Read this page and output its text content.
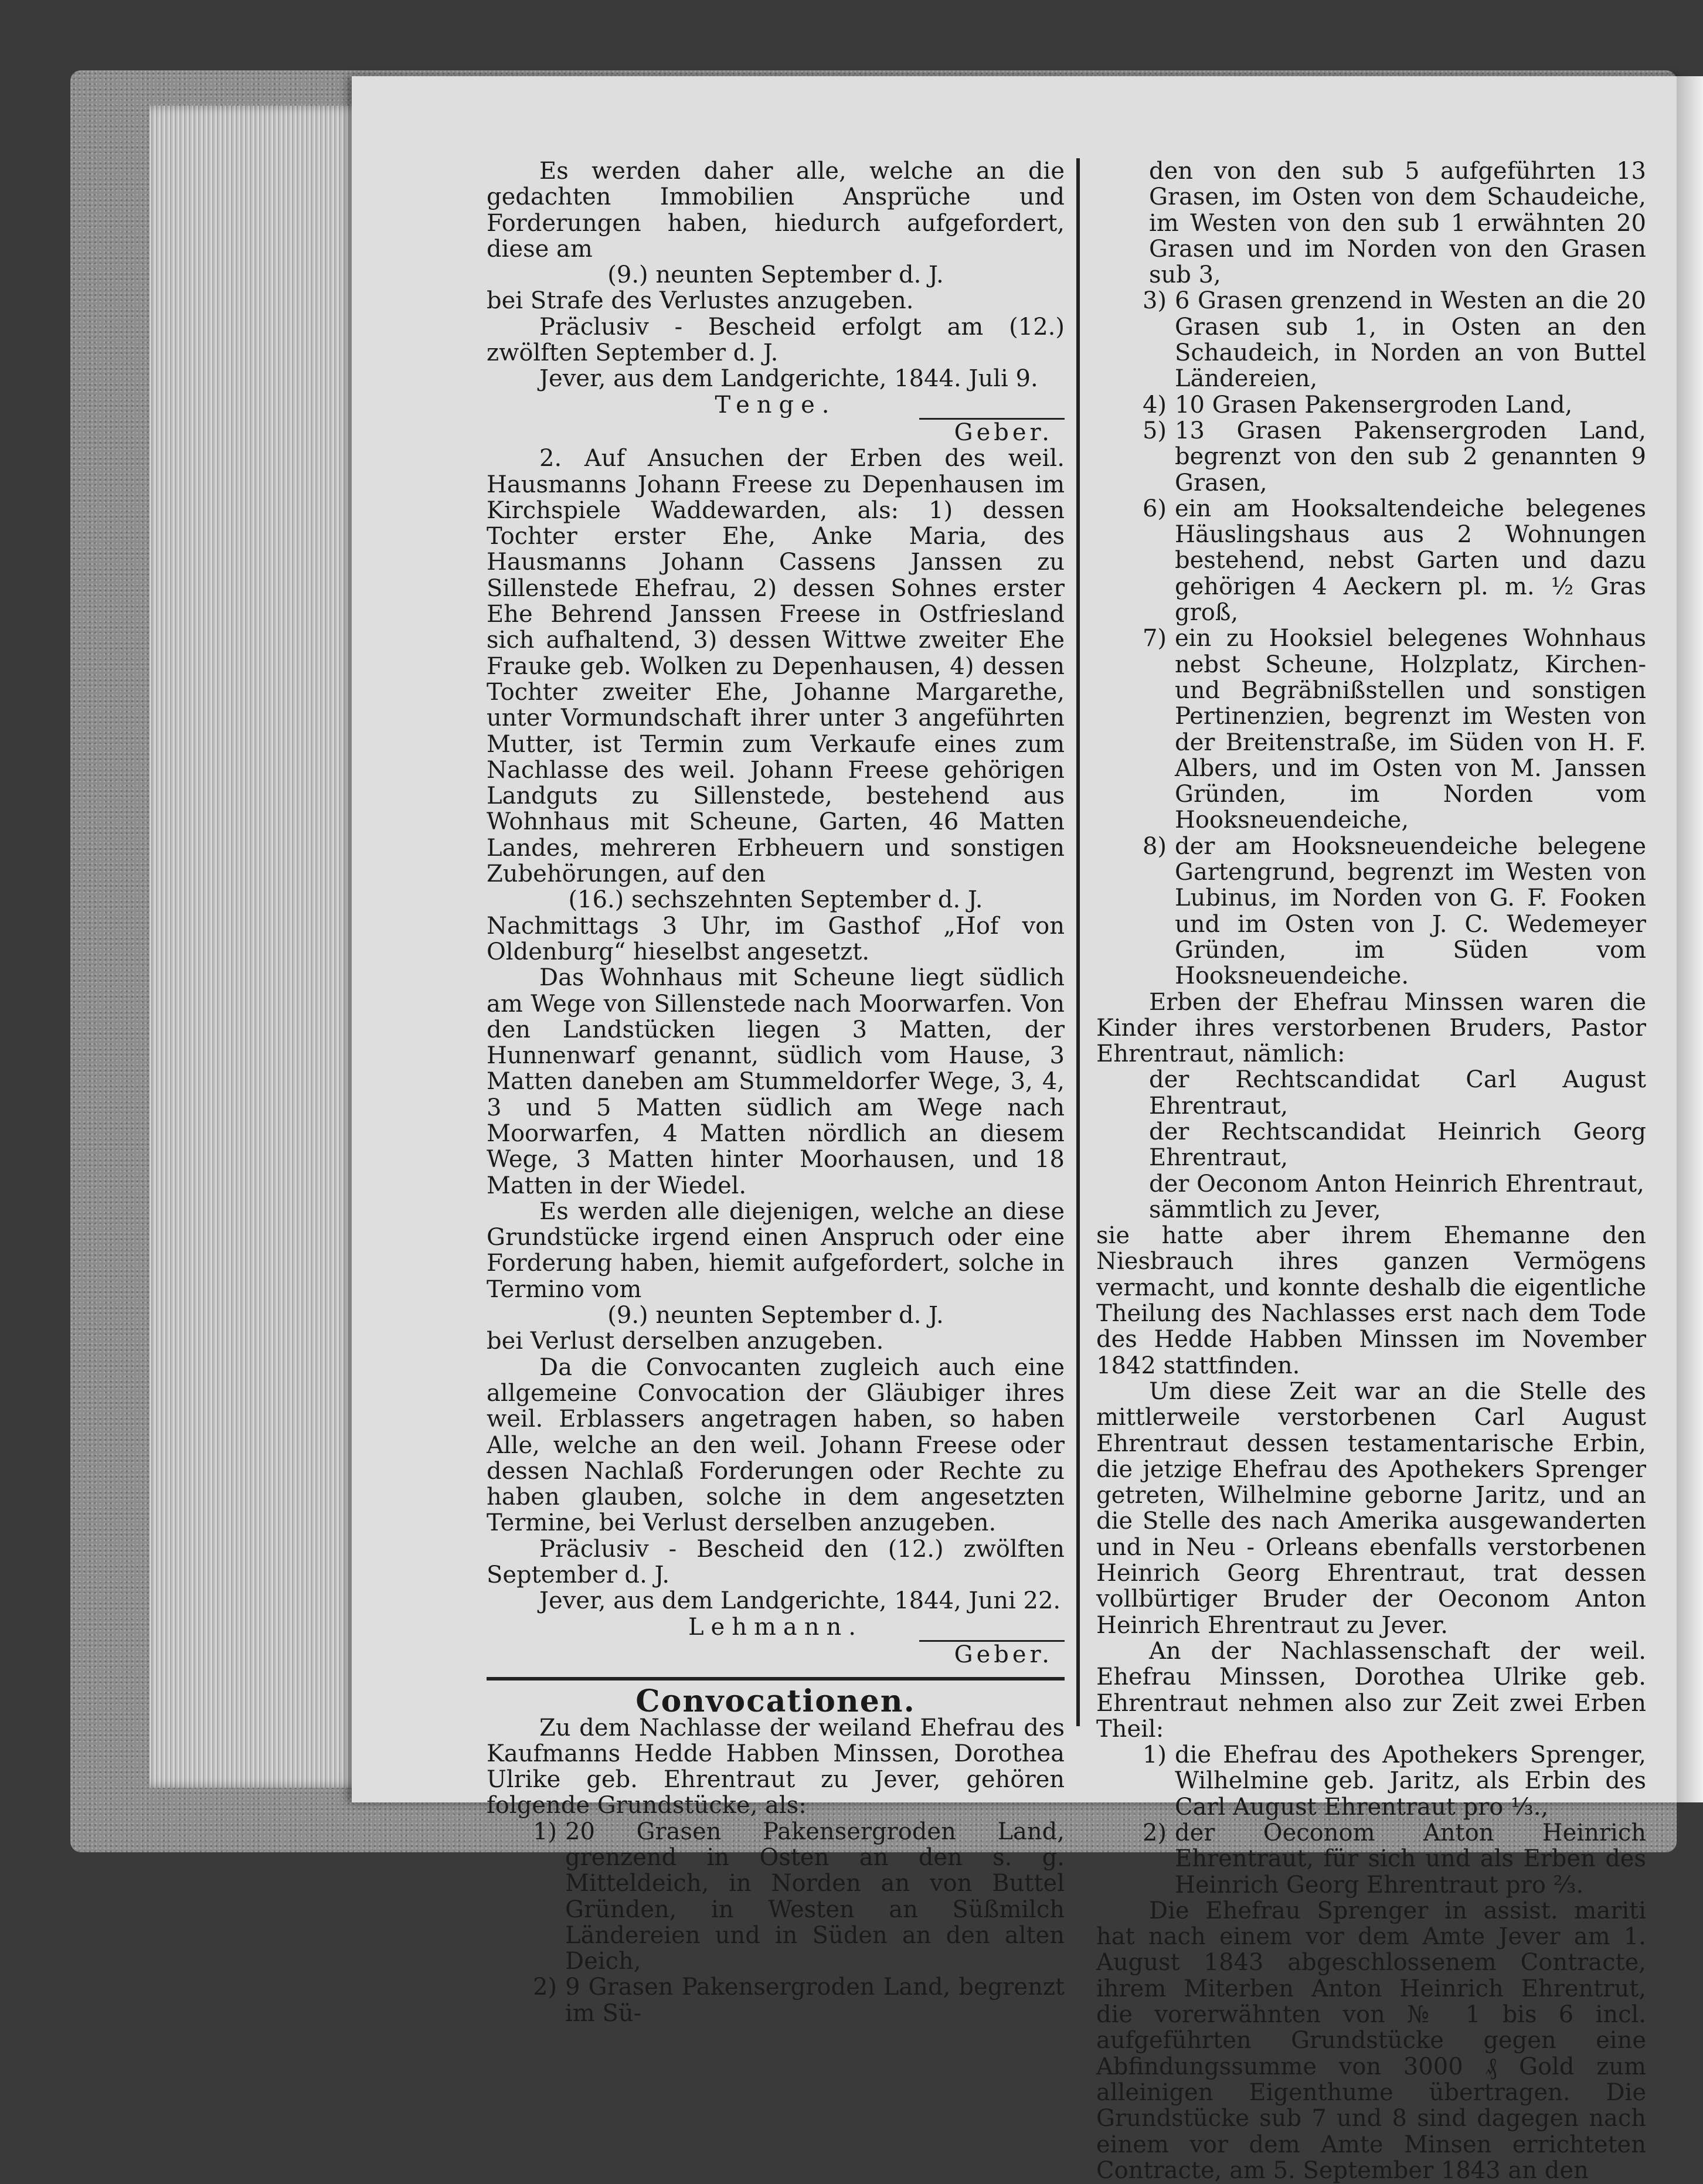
Es werden daher alle, welche an die gedachten Immobilien Ansprüche und Forderungen haben, hiedurch aufgefordert, diese am

(9.) neunten September d. J.

bei Strafe des Verlustes anzugeben.

Präclusiv - Bescheid erfolgt am (12.) zwölften September d. J.

Jever, aus dem Landgerichte, 1844. Juli 9.

Tenge.

Geber.

2. Auf Ansuchen der Erben des weil. Hausmanns Johann Freese zu Depenhausen im Kirchspiele Waddewarden, als: 1) dessen Tochter erster Ehe, Anke Maria, des Hausmanns Johann Cassens Janssen zu Sillenstede Ehefrau, 2) dessen Sohnes erster Ehe Behrend Janssen Freese in Ostfriesland sich aufhaltend, 3) dessen Wittwe zweiter Ehe Frauke geb. Wolken zu Depenhausen, 4) dessen Tochter zweiter Ehe, Johanne Margarethe, unter Vormundschaft ihrer unter 3 angeführten Mutter, ist Termin zum Verkaufe eines zum Nachlasse des weil. Johann Freese gehörigen Landguts zu Sillenstede, bestehend aus Wohnhaus mit Scheune, Garten, 46 Matten Landes, mehreren Erbheuern und sonstigen Zubehörungen, auf den

(16.) sechszehnten September d. J.

Nachmittags 3 Uhr, im Gasthof „Hof von Oldenburg“ hieselbst angesetzt.

Das Wohnhaus mit Scheune liegt südlich am Wege von Sillenstede nach Moorwarfen. Von den Landstücken liegen 3 Matten, der Hunnenwarf genannt, südlich vom Hause, 3 Matten daneben am Stummeldorfer Wege, 3, 4, 3 und 5 Matten südlich am Wege nach Moorwarfen, 4 Matten nördlich an diesem Wege, 3 Matten hinter Moorhausen, und 18 Matten in der Wiedel.

Es werden alle diejenigen, welche an diese Grundstücke irgend einen Anspruch oder eine Forderung haben, hiemit aufgefordert, solche in Termino vom

(9.) neunten September d. J.

bei Verlust derselben anzugeben.

Da die Convocanten zugleich auch eine allgemeine Convocation der Gläubiger ihres weil. Erblassers angetragen haben, so haben Alle, welche an den weil. Johann Freese oder dessen Nachlaß Forderungen oder Rechte zu haben glauben, solche in dem angesetzten Termine, bei Verlust derselben anzugeben.

Präclusiv - Bescheid den (12.) zwölften September d. J.

Jever, aus dem Landgerichte, 1844, Juni 22.

Lehmann.

Geber.

Convocationen.

Zu dem Nachlasse der weiland Ehefrau des Kaufmanns Hedde Habben Minssen, Dorothea Ulrike geb. Ehrentraut zu Jever, gehören folgende Grundstücke, als:

1) 20 Grasen Pakensergroden Land, grenzend in Osten an den s. g. Mitteldeich, in Norden an von Buttel Gründen, in Westen an Süßmilch Ländereien und in Süden an den alten Deich,
2) 9 Grasen Pakensergroden Land, begrenzt im Sü-

den von den sub 5 aufgeführten 13 Grasen, im Osten von dem Schaudeiche, im Westen von den sub 1 erwähnten 20 Grasen und im Norden von den Grasen sub 3,

3) 6 Grasen grenzend in Westen an die 20 Grasen sub 1, in Osten an den Schaudeich, in Norden an von Buttel Ländereien,
4) 10 Grasen Pakensergroden Land,
5) 13 Grasen Pakensergroden Land, begrenzt von den sub 2 genannten 9 Grasen,
6) ein am Hooksaltendeiche belegenes Häuslingshaus aus 2 Wohnungen bestehend, nebst Garten und dazu gehörigen 4 Aeckern pl. m. ½ Gras groß,
7) ein zu Hooksiel belegenes Wohnhaus nebst Scheune, Holzplatz, Kirchen- und Begräbnißstellen und sonstigen Pertinenzien, begrenzt im Westen von der Breitenstraße, im Süden von H. F. Albers, und im Osten von M. Janssen Gründen, im Norden vom Hooksneuendeiche,
8) der am Hooksneuendeiche belegene Gartengrund, begrenzt im Westen von Lubinus, im Norden von G. F. Fooken und im Osten von J. C. Wedemeyer Gründen, im Süden vom Hooksneuendeiche.

Erben der Ehefrau Minssen waren die Kinder ihres verstorbenen Bruders, Pastor Ehrentraut, nämlich:

der Rechtscandidat Carl August Ehrentraut,

der Rechtscandidat Heinrich Georg Ehrentraut,

der Oeconom Anton Heinrich Ehrentraut,

sämmtlich zu Jever,

sie hatte aber ihrem Ehemanne den Niesbrauch ihres ganzen Vermögens vermacht, und konnte deshalb die eigentliche Theilung des Nachlasses erst nach dem Tode des Hedde Habben Minssen im November 1842 stattfinden.

Um diese Zeit war an die Stelle des mittlerweile verstorbenen Carl August Ehrentraut dessen testamentarische Erbin, die jetzige Ehefrau des Apothekers Sprenger getreten, Wilhelmine geborne Jaritz, und an die Stelle des nach Amerika ausgewanderten und in Neu - Orleans ebenfalls verstorbenen Heinrich Georg Ehrentraut, trat dessen vollbürtiger Bruder der Oeconom Anton Heinrich Ehrentraut zu Jever.

An der Nachlassenschaft der weil. Ehefrau Minssen, Dorothea Ulrike geb. Ehrentraut nehmen also zur Zeit zwei Erben Theil:

1) die Ehefrau des Apothekers Sprenger, Wilhelmine geb. Jaritz, als Erbin des Carl August Ehrentraut pro ⅓.,
2) der Oeconom Anton Heinrich Ehrentraut, für sich und als Erben des Heinrich Georg Ehrentraut pro ⅔.

Die Ehefrau Sprenger in assist. mariti hat nach einem vor dem Amte Jever am 1. August 1843 abgeschlossenem Contracte, ihrem Miterben Anton Heinrich Ehrentrut, die vorerwähnten von № 1 bis 6 incl. aufgeführten Grundstücke gegen eine Abfindungssumme von 3000 ₰ Gold zum alleinigen Eigenthume übertragen. Die Grundstücke sub 7 und 8 sind dagegen nach einem vor dem Amte Minsen errichteten Contracte, am 5. September 1843 an den
